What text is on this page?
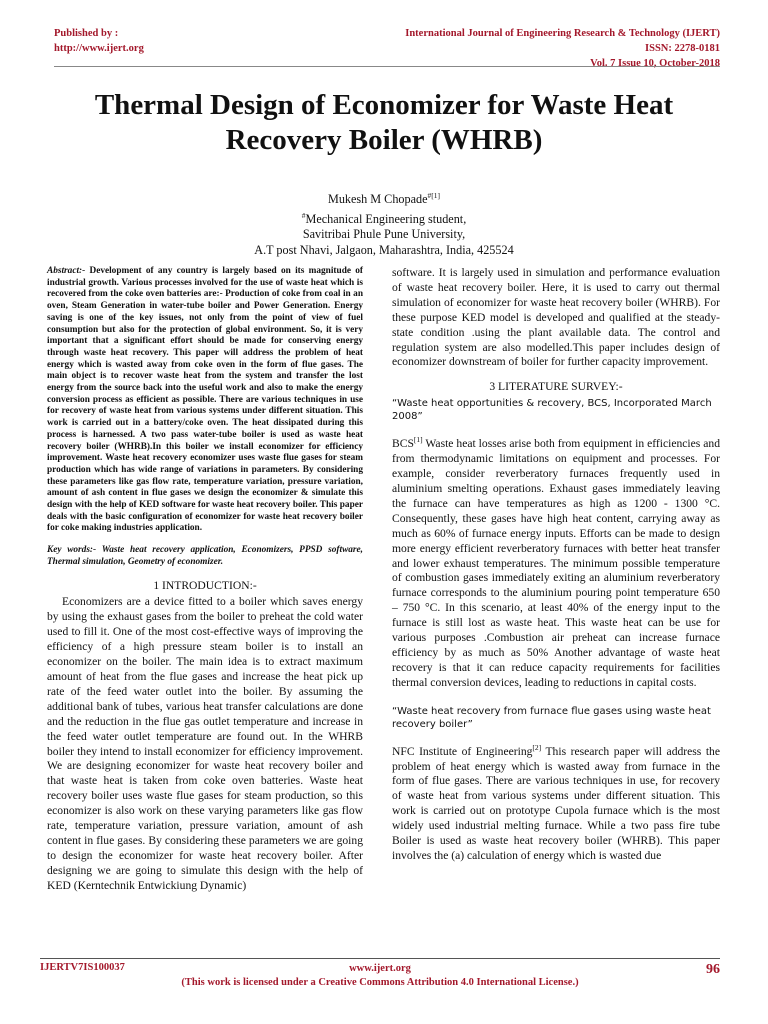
Published by :
http://www.ijert.org
International Journal of Engineering Research & Technology (IJERT)
ISSN: 2278-0181
Vol. 7 Issue 10, October-2018
Thermal Design of Economizer for Waste Heat Recovery Boiler (WHRB)
Mukesh M Chopade$^{\#[1]}$
#Mechanical Engineering student,
Savitribai Phule Pune University,
A.T post Nhavi, Jalgaon, Maharashtra, India, 425524

Abstract:- Development of any country is largely based on its magnitude of industrial growth. Various processes involved for the use of waste heat which is recovered from the coke oven batteries are:- Production of coke from coal in an oven, Steam Generation in water-tube boiler and Power Generation. Energy saving is one of the key issues, not only from the point of view of fuel consumption but also for the protection of global environment. So, it is very important that a significant effort should be made for conserving energy through waste heat recovery. This paper will address the problem of heat energy which is wasted away from coke oven in the form of flue gases. The main object is to recover waste heat from the system and transfer the lost energy from the source back into the useful work and also to make the energy conversion process as efficient as possible. There are various techniques in use for recovery of waste heat from various systems under different situation. This work is carried out in a battery/coke oven. The heat dissipated during this process is harnessed. A two pass water-tube boiler is used as waste heat recovery boiler (WHRB).In this boiler we install economizer for efficiency improvement. Waste heat recovery economizer uses waste flue gases for steam production which has wide range of variations in parameters. By considering these parameters like gas flow rate, temperature variation, pressure variation, amount of ash content in flue gases we design the economizer & simulate this design with the help of KED software for waste heat recovery boiler. This paper deals with the basic configuration of economizer for waste heat recovery boiler for coke making industries application.

Key words:- Waste heat recovery application, Economizers, PPSD software, Thermal simulation, Geometry of economizer.

1 INTRODUCTION:-

Economizers are a device fitted to a boiler which saves energy by using the exhaust gases from the boiler to preheat the cold water used to fill it. One of the most cost-effective ways of improving the efficiency of a high pressure steam boiler is to install an economizer on the boiler. The main idea is to extract maximum amount of heat from the flue gases and increase the heat pick up rate of the feed water outlet into the boiler. By assuming the additional bank of tubes, various heat transfer calculations are done and the reduction in the flue gas outlet temperature and increase in the feed water outlet temperature are found out. In the WHRB boiler they intend to install economizer for efficiency improvement. We are designing economizer for waste heat recovery boiler and that waste heat is taken from coke oven batteries. Waste heat recovery boiler uses waste flue gases for steam production, so this economizer is also work on these varying parameters like gas flow rate, temperature variation, pressure variation, amount of ash content in flue gases. By considering these parameters we are going to design the economizer for waste heat recovery boiler. After designing we are going to simulate this design with the help of KED (Kerntechnik Entwickiung Dynamic)

software. It is largely used in simulation and performance evaluation of waste heat recovery boiler. Here, it is used to carry out thermal simulation of economizer for waste heat recovery boiler (WHRB). For these purpose KED model is developed and qualified at the steady-state condition .using the plant available data. The control and regulation system are also modelled.This paper includes design of economizer downstream of boiler for further capacity improvement.

3 LITERATURE SURVEY:-

“Waste heat opportunities & recovery, BCS, Incorporated March 2008”

BCS[1] Waste heat losses arise both from equipment in efficiencies and from thermodynamic limitations on equipment and processes. For example, consider reverberatory furnaces frequently used in aluminium smelting operations. Exhaust gases immediately leaving the furnace can have temperatures as high as 1200 - 1300 °C. Consequently, these gases have high heat content, carrying away as much as 60% of furnace energy inputs. Efforts can be made to design more energy efficient reverberatory furnaces with better heat transfer and lower exhaust temperatures. The minimum possible temperature of combustion gases immediately exiting an aluminium reverberatory furnace corresponds to the aluminium pouring point temperature 650 – 750 °C. In this scenario, at least 40% of the energy input to the furnace is still lost as waste heat. This waste heat can be use for various purposes .Combustion air preheat can increase furnace efficiency by as much as 50% Another advantage of waste heat recovery is that it can reduce capacity requirements for facilities thermal conversion devices, leading to reductions in capital costs.

“Waste heat recovery from furnace flue gases using waste heat recovery boiler”

NFC Institute of Engineering[2] This research paper will address the problem of heat energy which is wasted away from furnace in the form of flue gases. There are various techniques in use, for recovery of waste heat from various systems under different situation. This work is carried out on prototype Cupola furnace which is the most widely used industrial melting furnace. While a two pass fire tube Boiler is used as waste heat recovery boiler (WHRB). This paper involves the (a) calculation of energy which is wasted due

IJERTV7IS100037	www.ijert.org
(This work is licensed under a Creative Commons Attribution 4.0 International License.)
96
